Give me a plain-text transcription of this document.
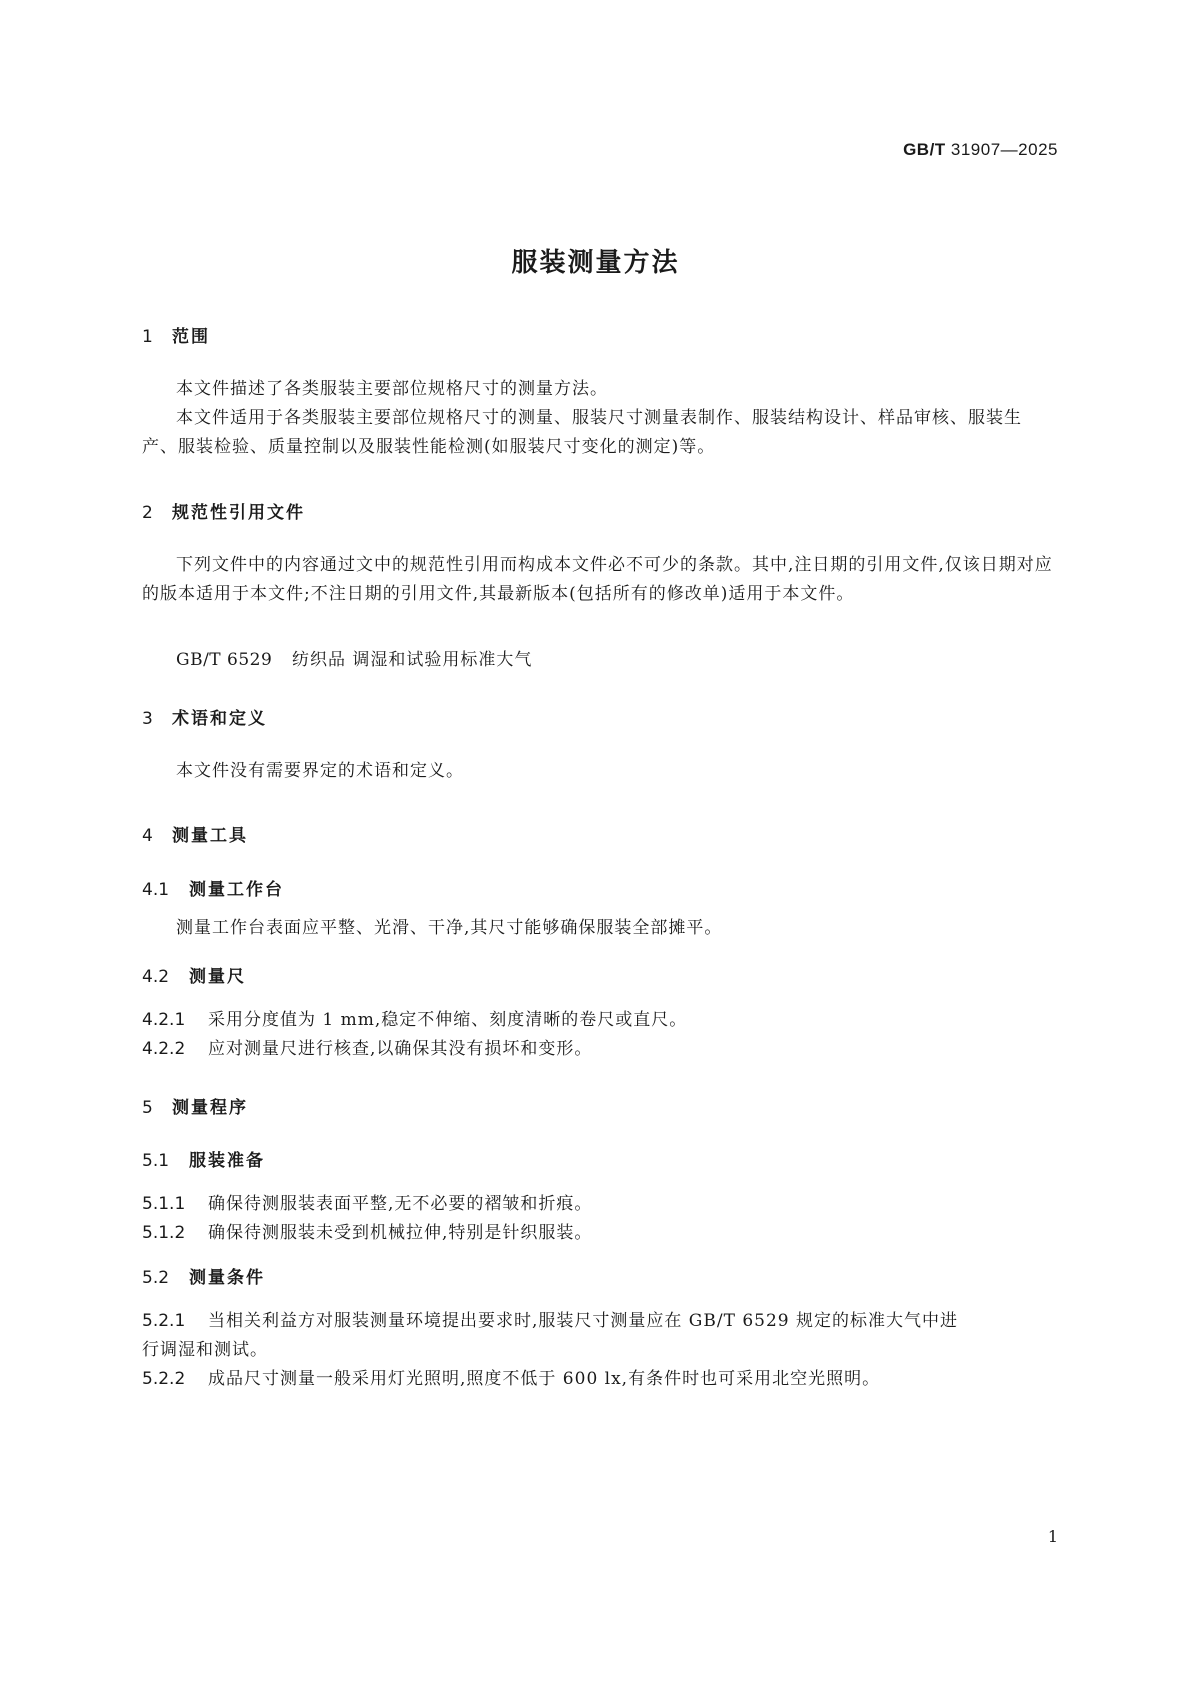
GB/T 31907—2025
服装测量方法
1 范围

本文件描述了各类服装主要部位规格尺寸的测量方法。

本文件适用于各类服装主要部位规格尺寸的测量、服装尺寸测量表制作、服装结构设计、样品审核、服装生产、服装检验、质量控制以及服装性能检测(如服装尺寸变化的测定)等。

2 规范性引用文件

下列文件中的内容通过文中的规范性引用而构成本文件必不可少的条款。其中,注日期的引用文件,仅该日期对应的版本适用于本文件;不注日期的引用文件,其最新版本(包括所有的修改单)适用于本文件。

GB/T 6529 纺织品 调湿和试验用标准大气
3 术语和定义

本文件没有需要界定的术语和定义。

4 测量工具
4.1 测量工作台

测量工作台表面应平整、光滑、干净,其尺寸能够确保服装全部摊平。

4.2 测量尺
4.2.1 采用分度值为 1 mm,稳定不伸缩、刻度清晰的卷尺或直尺。
4.2.2 应对测量尺进行核查,以确保其没有损坏和变形。
5 测量程序
5.1 服装准备
5.1.1 确保待测服装表面平整,无不必要的褶皱和折痕。
5.1.2 确保待测服装未受到机械拉伸,特别是针织服装。
5.2 测量条件
5.2.1 当相关利益方对服装测量环境提出要求时,服装尺寸测量应在 GB/T 6529 规定的标准大气中进
行调湿和测试。
5.2.2 成品尺寸测量一般采用灯光照明,照度不低于 600 lx,有条件时也可采用北空光照明。
1
